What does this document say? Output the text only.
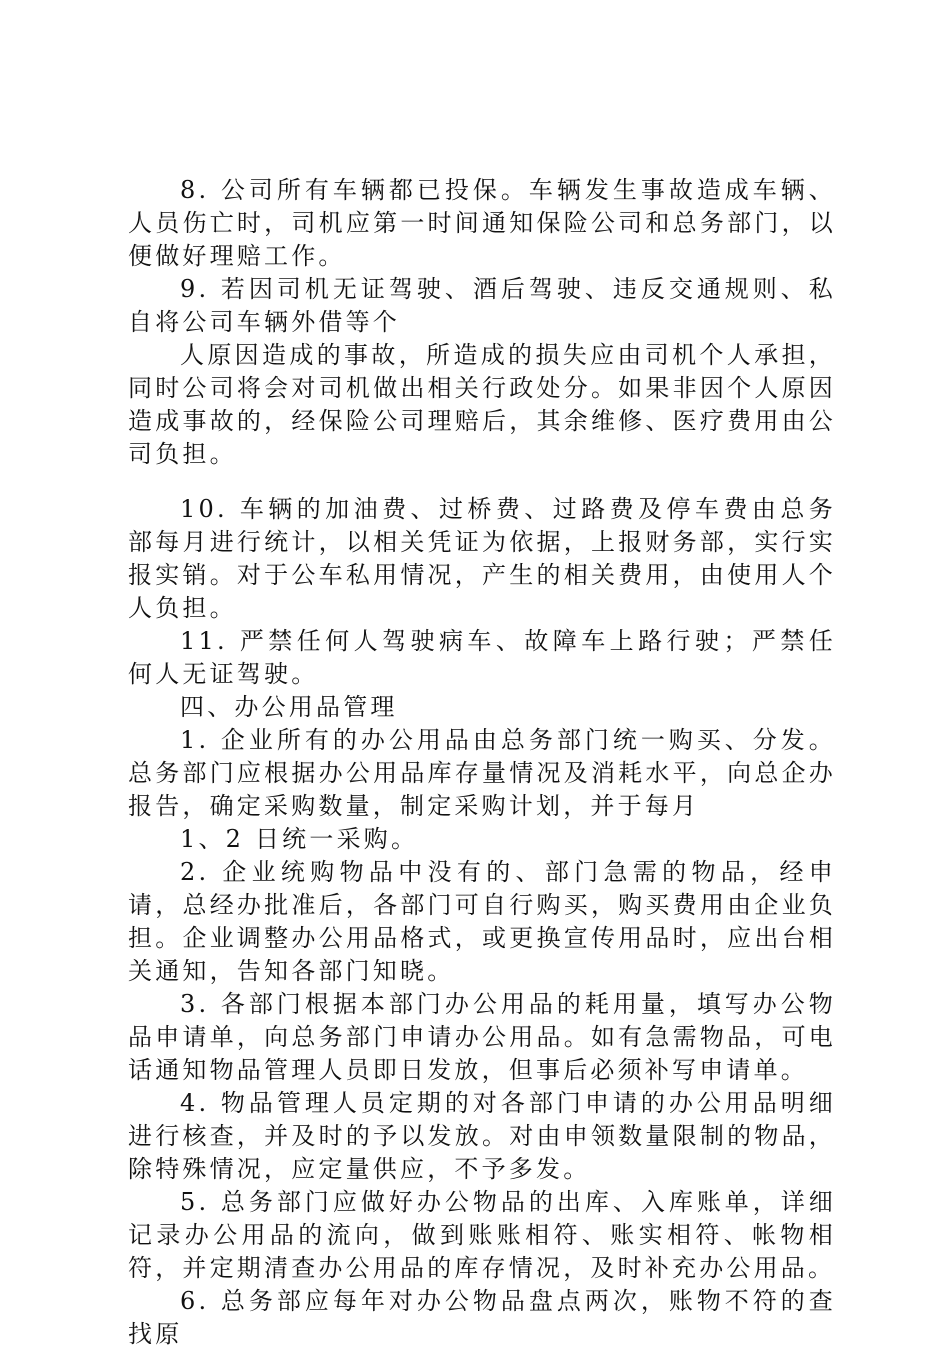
8. 公司所有车辆都已投保。车辆发生事故造成车辆、人员伤亡时，司机应第一时间通知保险公司和总务部门，以便做好理赔工作。

9. 若因司机无证驾驶、酒后驾驶、违反交通规则、私自将公司车辆外借等个

人原因造成的事故，所造成的损失应由司机个人承担，同时公司将会对司机做出相关行政处分。如果非因个人原因造成事故的，经保险公司理赔后，其余维修、医疗费用由公司负担。

10. 车辆的加油费、过桥费、过路费及停车费由总务部每月进行统计，以相关凭证为依据，上报财务部，实行实报实销。对于公车私用情况，产生的相关费用，由使用人个人负担。

11. 严禁任何人驾驶病车、故障车上路行驶；严禁任何人无证驾驶。

四、办公用品管理

1. 企业所有的办公用品由总务部门统一购买、分发。总务部门应根据办公用品库存量情况及消耗水平，向总企办报告，确定采购数量，制定采购计划，并于每月

1、2 日统一采购。

2. 企业统购物品中没有的、部门急需的物品，经申请，总经办批准后，各部门可自行购买，购买费用由企业负担。企业调整办公用品格式，或更换宣传用品时，应出台相关通知，告知各部门知晓。

3. 各部门根据本部门办公用品的耗用量，填写办公物品申请单，向总务部门申请办公用品。如有急需物品，可电话通知物品管理人员即日发放，但事后必须补写申请单。

4. 物品管理人员定期的对各部门申请的办公用品明细进行核查，并及时的予以发放。对由申领数量限制的物品，除特殊情况，应定量供应，不予多发。

5. 总务部门应做好办公物品的出库、入库账单，详细记录办公用品的流向，做到账账相符、账实相符、帐物相符，并定期清查办公用品的库存情况，及时补充办公用品。

6. 总务部应每年对办公物品盘点两次，账物不符的查找原
